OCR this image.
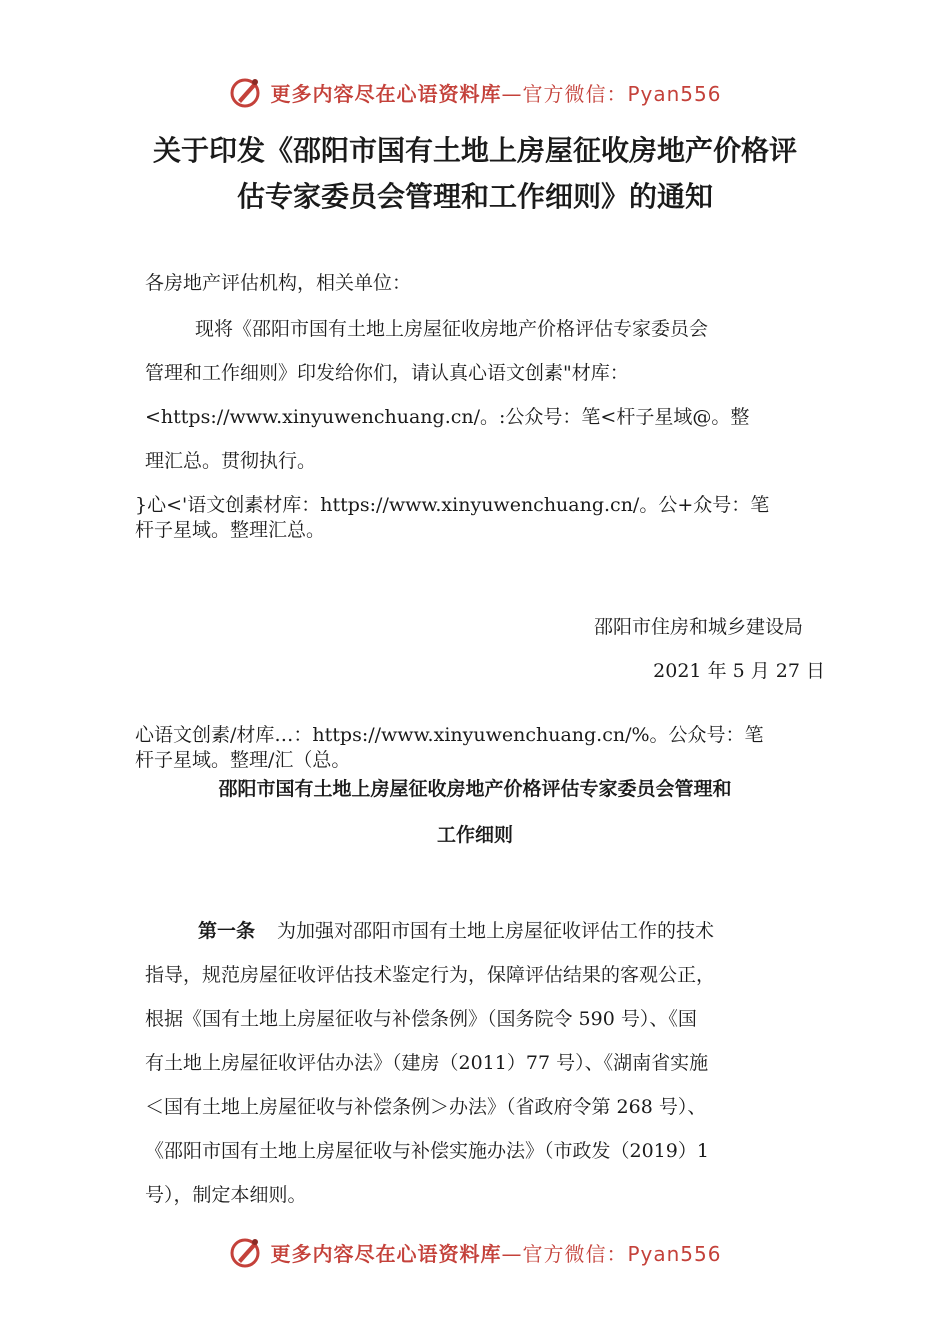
更多内容尽在心语资料库—官方微信：Pyan556
关于印发《邵阳市国有土地上房屋征收房地产价格评
估专家委员会管理和工作细则》的通知
各房地产评估机构，相关单位：
现将《邵阳市国有土地上房屋征收房地产价格评估专家委员会
管理和工作细则》印发给你们，请认真心语文创素"材库：
<https://www.xinyuwenchuang.cn/。:公众号：笔<杆子星域@。整
理汇总。贯彻执行。
}心<'语文创素材库：https://www.xinyuwenchuang.cn/。公+众号：笔
杆子星域。整理汇总。
邵阳市住房和城乡建设局
2021 年 5 月 27 日
心语文创素/材库…：https://www.xinyuwenchuang.cn/%。公众号：笔
杆子星域。整理/汇（总。
邵阳市国有土地上房屋征收房地产价格评估专家委员会管理和
工作细则
第一条 为加强对邵阳市国有土地上房屋征收评估工作的技术
指导，规范房屋征收评估技术鉴定行为，保障评估结果的客观公正，
根据《国有土地上房屋征收与补偿条例》（国务院令 590 号）、《国
有土地上房屋征收评估办法》（建房（2011）77 号）、《湖南省实施
＜国有土地上房屋征收与补偿条例＞办法》（省政府令第 268 号）、
《邵阳市国有土地上房屋征收与补偿实施办法》（市政发（2019）1
号），制定本细则。
更多内容尽在心语资料库—官方微信：Pyan556
